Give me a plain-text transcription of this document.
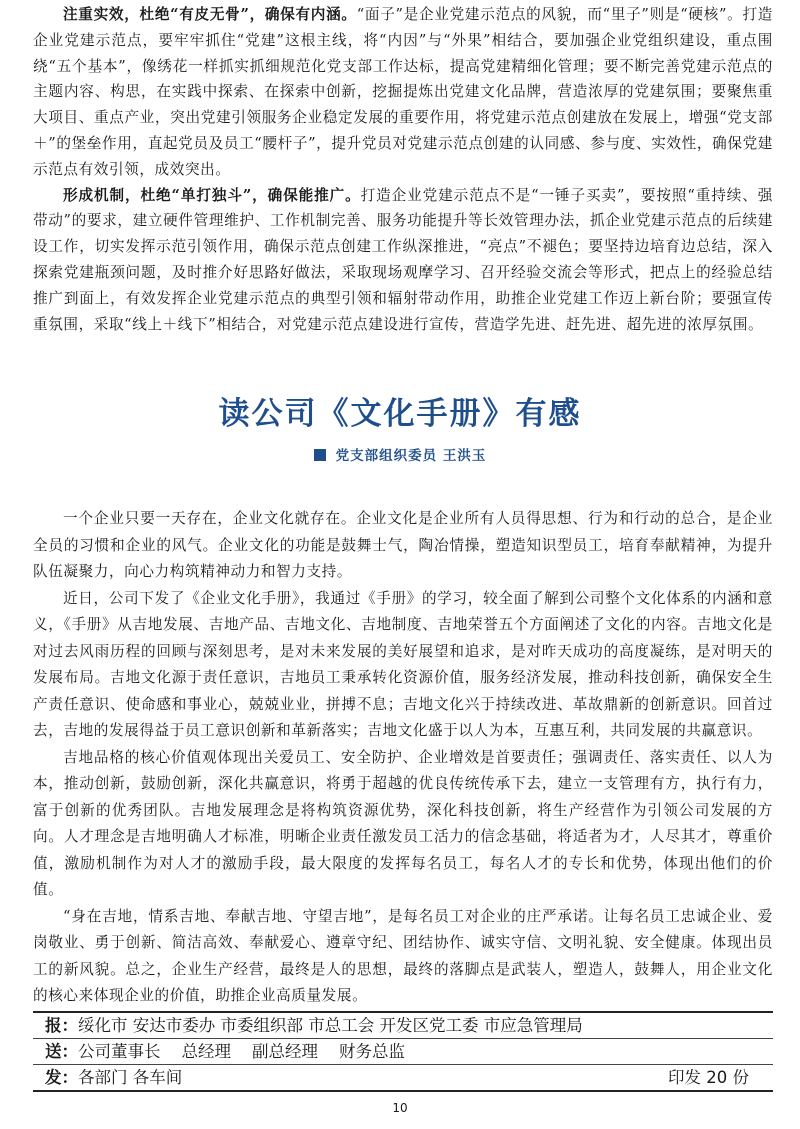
注重实效，杜绝“有皮无骨”，确保有内涵。“面子”是企业党建示范点的风貌，而“里子”则是“硬核”。打造企业党建示范点，要牢牢抓住“党建”这根主线，将“内因”与“外果”相结合，要加强企业党组织建设，重点围绕“五个基本”，像绣花一样抓实抓细规范化党支部工作达标，提高党建精细化管理；要不断完善党建示范点的主题内容、构思，在实践中探索、在探索中创新，挖掘提炼出党建文化品牌，营造浓厚的党建氛围；要聚焦重大项目、重点产业，突出党建引领服务企业稳定发展的重要作用，将党建示范点创建放在发展上，增强“党支部＋”的堡垒作用，直起党员及员工“腰杆子”，提升党员对党建示范点创建的认同感、参与度、实效性，确保党建示范点有效引领，成效突出。

形成机制，杜绝“单打独斗”，确保能推广。打造企业党建示范点不是“一锤子买卖”，要按照“重持续、强带动”的要求，建立硬件管理维护、工作机制完善、服务功能提升等长效管理办法，抓企业党建示范点的后续建设工作，切实发挥示范引领作用，确保示范点创建工作纵深推进，“亮点”不褪色；要坚持边培育边总结，深入探索党建瓶颈问题，及时推介好思路好做法，采取现场观摩学习、召开经验交流会等形式，把点上的经验总结推广到面上，有效发挥企业党建示范点的典型引领和辐射带动作用，助推企业党建工作迈上新台阶；要强宣传重氛围，采取“线上＋线下”相结合，对党建示范点建设进行宣传，营造学先进、赶先进、超先进的浓厚氛围。

读公司《文化手册》有感
党支部组织委员 王洪玉

一个企业只要一天存在，企业文化就存在。企业文化是企业所有人员得思想、行为和行动的总合，是企业全员的习惯和企业的风气。企业文化的功能是鼓舞士气，陶冶情操，塑造知识型员工，培育奉献精神，为提升队伍凝聚力，向心力构筑精神动力和智力支持。

近日，公司下发了《企业文化手册》，我通过《手册》的学习，较全面了解到公司整个文化体系的内涵和意义，《手册》从吉地发展、吉地产品、吉地文化、吉地制度、吉地荣誉五个方面阐述了文化的内容。吉地文化是对过去风雨历程的回顾与深刻思考，是对未来发展的美好展望和追求，是对昨天成功的高度凝练，是对明天的发展布局。吉地文化源于责任意识，吉地员工秉承转化资源价值，服务经济发展，推动科技创新，确保安全生产责任意识、使命感和事业心，兢兢业业，拼搏不息；吉地文化兴于持续改进、革故鼎新的创新意识。回首过去，吉地的发展得益于员工意识创新和革新落实；吉地文化盛于以人为本，互惠互利，共同发展的共赢意识。

吉地品格的核心价值观体现出关爱员工、安全防护、企业增效是首要责任；强调责任、落实责任、以人为本，推动创新，鼓励创新，深化共赢意识，将勇于超越的优良传统传承下去，建立一支管理有方，执行有力，富于创新的优秀团队。吉地发展理念是将构筑资源优势，深化科技创新，将生产经营作为引领公司发展的方向。人才理念是吉地明确人才标准，明晰企业责任激发员工活力的信念基础，将适者为才，人尽其才，尊重价值，激励机制作为对人才的激励手段，最大限度的发挥每名员工，每名人才的专长和优势，体现出他们的价值。

“身在吉地，情系吉地、奉献吉地、守望吉地”，是每名员工对企业的庄严承诺。让每名员工忠诚企业、爱岗敬业、勇于创新、简洁高效、奉献爱心、遵章守纪、团结协作、诚实守信、文明礼貌、安全健康。体现出员工的新风貌。总之，企业生产经营，最终是人的思想，最终的落脚点是武装人，塑造人，鼓舞人，用企业文化的核心来体现企业的价值，助推企业高质量发展。

报：绥化市 安达市委办 市委组织部 市总工会 开发区党工委 市应急管理局
送：公司董事长    总经理    副总经理    财务总监
发：各部门 各车间	印发 20 份
10
